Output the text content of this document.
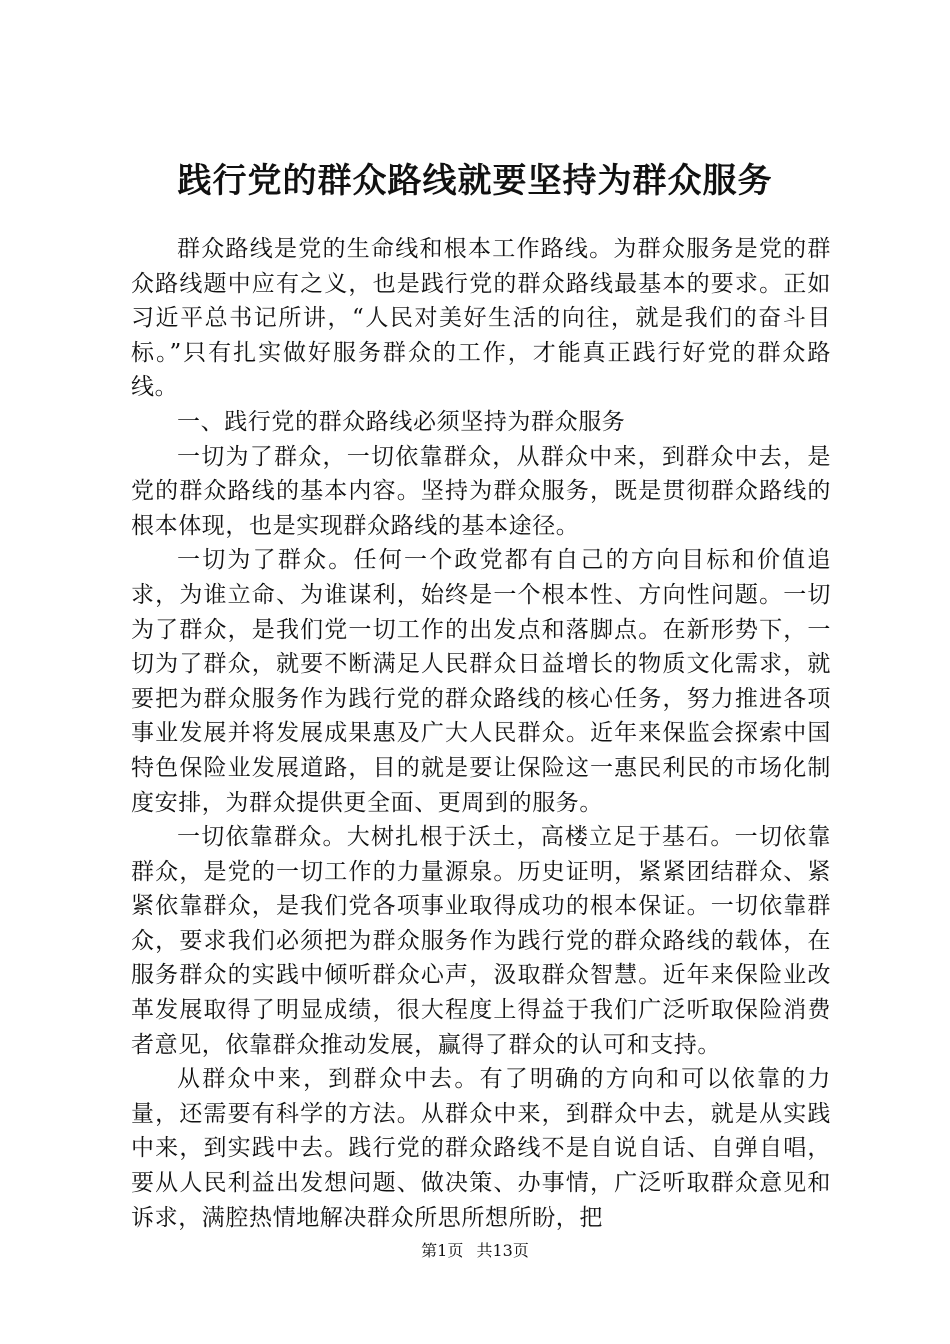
践行党的群众路线就要坚持为群众服务

群众路线是党的生命线和根本工作路线。为群众服务是党的群众路线题中应有之义，也是践行党的群众路线最基本的要求。正如习近平总书记所讲，“人民对美好生活的向往，就是我们的奋斗目标。”只有扎实做好服务群众的工作，才能真正践行好党的群众路线。

一、践行党的群众路线必须坚持为群众服务

一切为了群众，一切依靠群众，从群众中来，到群众中去，是党的群众路线的基本内容。坚持为群众服务，既是贯彻群众路线的根本体现，也是实现群众路线的基本途径。

一切为了群众。任何一个政党都有自己的方向目标和价值追求，为谁立命、为谁谋利，始终是一个根本性、方向性问题。一切为了群众，是我们党一切工作的出发点和落脚点。在新形势下，一切为了群众，就要不断满足人民群众日益增长的物质文化需求，就要把为群众服务作为践行党的群众路线的核心任务，努力推进各项事业发展并将发展成果惠及广大人民群众。近年来保监会探索中国特色保险业发展道路，目的就是要让保险这一惠民利民的市场化制度安排，为群众提供更全面、更周到的服务。

一切依靠群众。大树扎根于沃土，高楼立足于基石。一切依靠群众，是党的一切工作的力量源泉。历史证明，紧紧团结群众、紧紧依靠群众，是我们党各项事业取得成功的根本保证。一切依靠群众，要求我们必须把为群众服务作为践行党的群众路线的载体，在服务群众的实践中倾听群众心声，汲取群众智慧。近年来保险业改革发展取得了明显成绩，很大程度上得益于我们广泛听取保险消费者意见，依靠群众推动发展，赢得了群众的认可和支持。

从群众中来，到群众中去。有了明确的方向和可以依靠的力量，还需要有科学的方法。从群众中来，到群众中去，就是从实践中来，到实践中去。践行党的群众路线不是自说自话、自弹自唱，要从人民利益出发想问题、做决策、办事情，广泛听取群众意见和诉求，满腔热情地解决群众所思所想所盼，把

第1页 共13页
